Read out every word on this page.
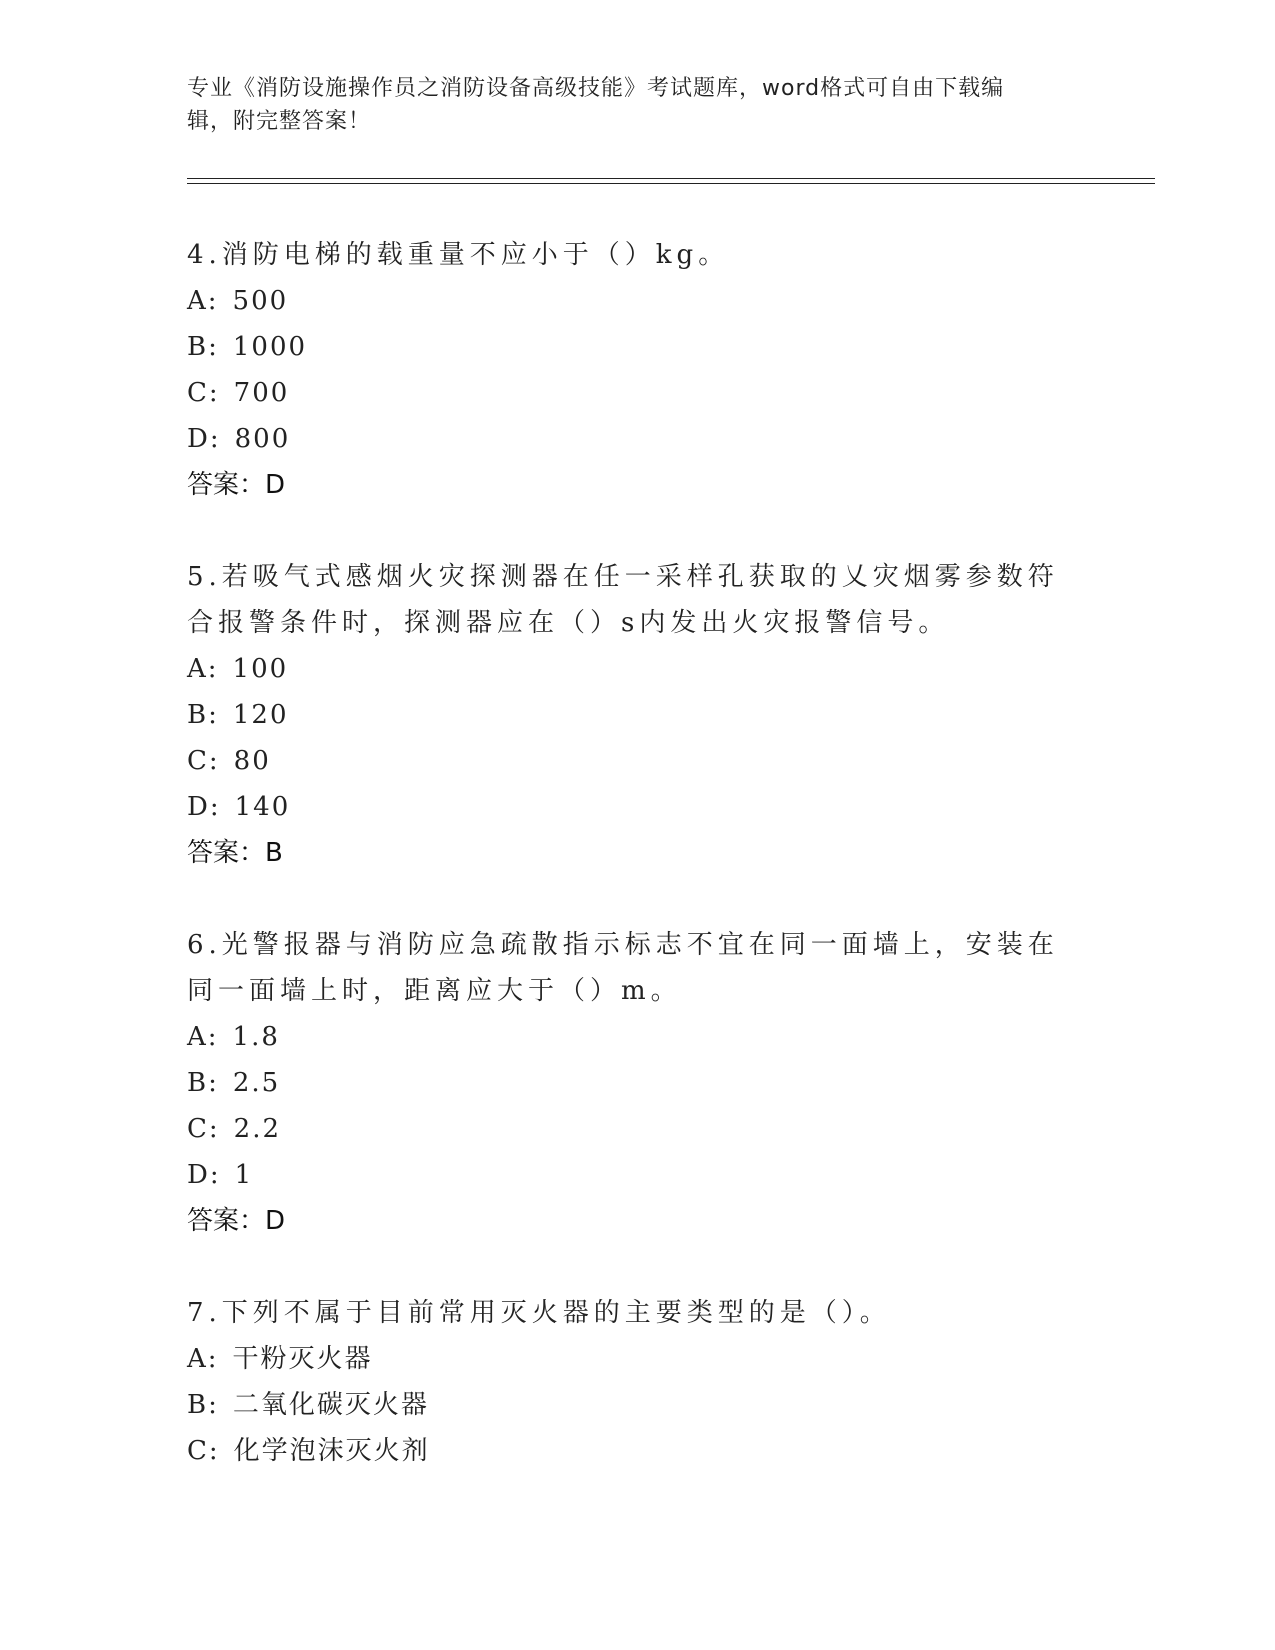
专业《消防设施操作员之消防设备高级技能》考试题库，word格式可自由下载编
辑，附完整答案！
4.消防电梯的载重量不应小于（）kg。
A: 500
B: 1000
C: 700
D: 800
答案：D
5.若吸气式感烟火灾探测器在任一采样孔获取的乂灾烟雾参数符合报警条件时，探测器应在（）s内发出火灾报警信号。
A: 100
B: 120
C: 80
D: 140
答案：B
6.光警报器与消防应急疏散指示标志不宜在同一面墙上，安装在同一面墙上时，距离应大于（）m。
A: 1.8
B: 2.5
C: 2.2
D: 1
答案：D
7.下列不属于目前常用灭火器的主要类型的是（）。
A: 干粉灭火器
B: 二氧化碳灭火器
C: 化学泡沫灭火剂
